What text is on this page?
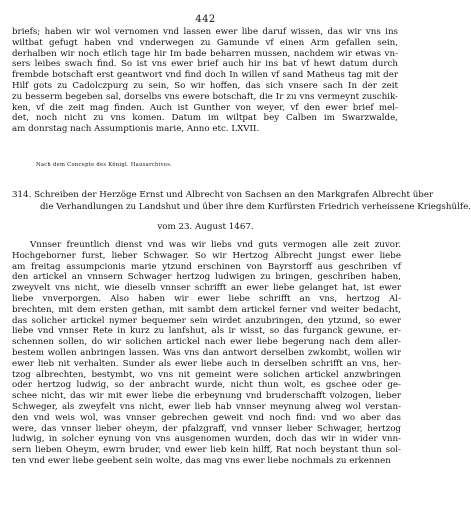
442
briefs; haben wir wol vernomen vnd lassen ewer libe daruf wissen, das wir vns ins
wiltbat gefugt haben vnd vnderwegen zu Gamunde vf einen Arm gefallen sein,
derhalben wir noch etlich tage hir Im bade beharren mussen, nachdem wir etwas vn-
sers leibes swach find. So ist vns ewer brief auch hir ins bat vf hewt datum durch
frembde botschaft erst geantwort vnd find doch In willen vf sand Matheus tag mit der
Hilf gots zu Cadolczpurg zu sein, So wir hoffen, das sich vnsere sach In der zeit
zu besserm begeben sal, dorselbs vns ewere botschaft, die Ir zu vns vermeynt zuschik-
ken, vf die zeit mag finden. Auch ist Gunther von weyer, vf den ewer brief mel-
det, noch nicht zu vns komen. Datum im wiltpat bey Calben im Swarzwalde,
am donrstag nach Assumptionis marie, Anno etc. LXVII.
Nach dem Concepte des Königl. Hausarchives.
314. Schreiben der Herzöge Ernst und Albrecht von Sachsen an den Markgrafen Albrecht über
die Verhandlungen zu Landshut und über ihre dem Kurfürsten Friedrich verheissene Kriegshülfe.
vom 23. August 1467.
Vnnser freuntlich dienst vnd was wir liebs vnd guts vermogen alle zeit zuvor.
Hochgeborner furst, lieber Schwager. So wir Hertzog Albrecht jungst ewer liebe
am freitag assumpcionis marie ytzund erschinen von Bayrstorff aus geschriben vf
den artickel an vnnsern Schwager hertzog ludwigen zu bringen, geschriben haben,
zweyvelt vns nicht, wie dieselb vnnser schrifft an ewer liebe gelanget hat, ist ewer
liebe vnverporgen. Also haben wir ewer liebe schrifft an vns, hertzog Al-
brechten, mit dem ersten gethan, mit sambt dem artickel ferner vnd weiter bedacht,
das solicher artickel nymer bequemer sein wirdet anzubringen, den ytzund, so ewer
liebe vnd vnnser Rete in kurz zu lanfshut, als ir wisst, so das furganck gewune, er-
schennen sollen, do wir solichen artickel nach ewer liebe begerung nach dem aller-
bestem wollen anbringen lassen. Was vns dan antwort derselben zwkombt, wollen wir
ewer lieb nit verhalten. Sunder als ewer liebe auch in derselben schrifft an vns, her-
tzog albrechten, bestymbt, wo vns nit gemeint were solichen artickel anzwbringen
oder hertzog ludwig, so der anbracht wurde, nicht thun wolt, es gschee oder ge-
schee nicht, das wir mit ewer liebe die erbeynung vnd bruderschafft volzogen, lieber
Schweger, als zweyfelt vns nicht, ewer lieb hab vnnser meynung alweg wol verstan-
den vnd weis wol, was vnnser gebrechen geweit vnd noch find: vnd wo aber das
were, das vnnser lieber oheym, der pfalzgraff, vnd vnnser lieber Schwager, hertzog
ludwig, in solcher eynung von vns ausgenomen wurden, doch das wir in wider vnn-
sern lieben Oheym, ewrn bruder, vnd ewer lieb kein hilff, Rat noch beystant thun sol-
ten vnd ewer liebe geebent sein wolte, das mag vns ewer liebe nochmals zu erkennen
